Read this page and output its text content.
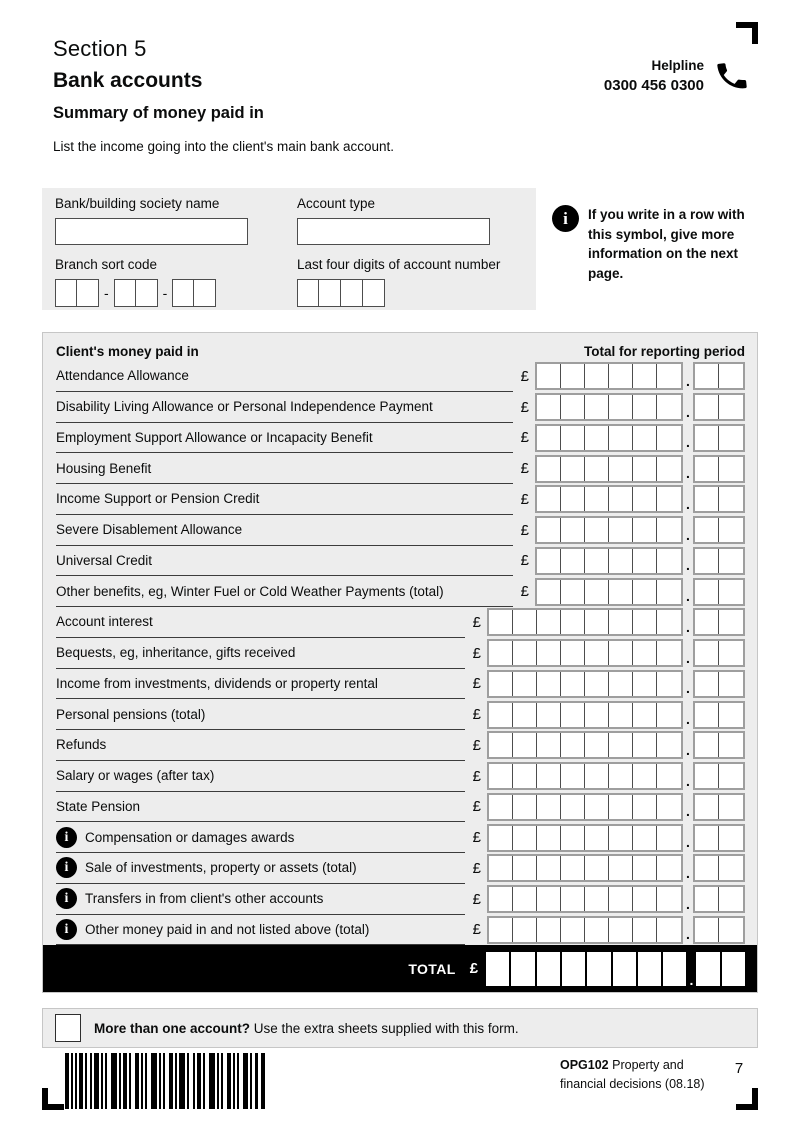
Section 5
Bank accounts
Summary of money paid in
Helpline
0300 456 0300

List the income going into the client's main bank account.

Bank/building society name
Branch sort code
-	-
Account type
Last four digits of account number
i	If you write in a row with this symbol, give more information on the next page.

Client's money paid in	Total for reporting period
Attendance Allowance	£	.
Disability Living Allowance or Personal Independence Payment	£	.
Employment Support Allowance or Incapacity Benefit	£	.
Housing Benefit	£	.
Income Support or Pension Credit	£	.
Severe Disablement Allowance	£	.
Universal Credit	£	.
Other benefits, eg, Winter Fuel or Cold Weather Payments (total)	£	.
Account interest	£	.
Bequests, eg, inheritance, gifts received	£	.
Income from investments, dividends or property rental	£	.
Personal pensions (total)	£	.
Refunds	£	.
Salary or wages (after tax)	£	.
State Pension	£	.
i	Compensation or damages awards	£	.
i	Sale of investments, property or assets (total)	£	.
i	Transfers in from client's other accounts	£	.
i	Other money paid in and not listed above (total)	£	.
TOTAL £
.

More than one account? Use the extra sheets supplied with this form.

OPG102 Property and
financial decisions (08.18)
7
